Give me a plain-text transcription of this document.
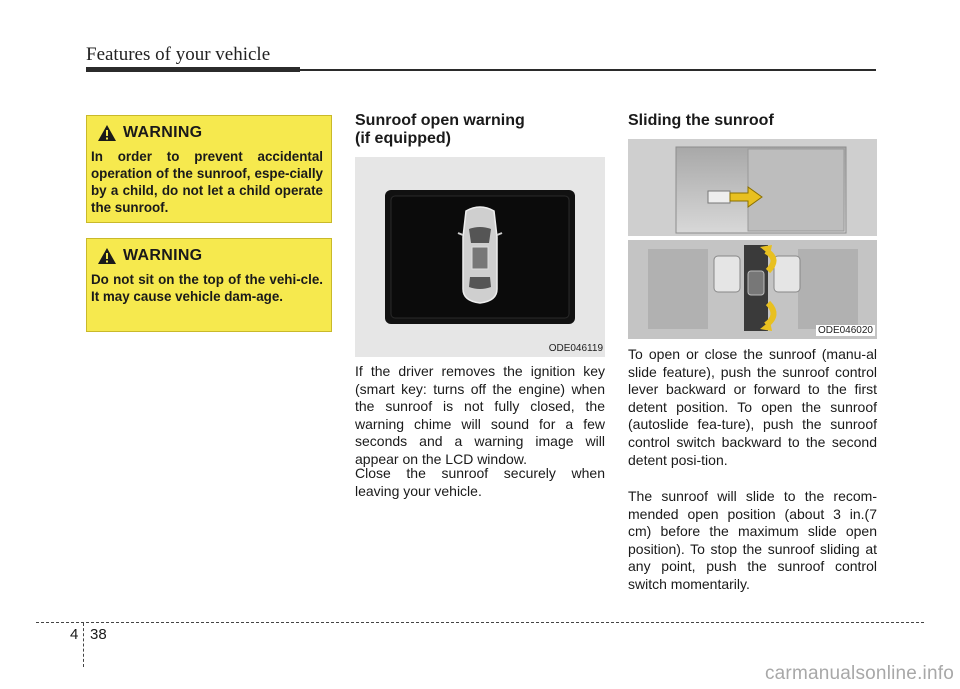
Features of your vehicle
WARNING
In order to prevent accidental operation of the sunroof, espe-cially by a child, do not let a child operate the sunroof.
WARNING
Do not sit on the top of the vehi-cle. It may cause vehicle dam-age.
Sunroof open warning
(if equipped)
ODE046119

If the driver removes the ignition key (smart key: turns off the engine) when the sunroof is not fully closed, the warning chime will sound for a few seconds and a warning image will appear on the LCD window.

Close the sunroof securely when leaving your vehicle.

Sliding the sunroof
ODE046020

To open or close the sunroof (manu-al slide feature), push the sunroof control lever backward or forward to the first detent position. To open the sunroof (autoslide fea-ture), push the sunroof control switch backward to the second detent posi-tion.

The sunroof will slide to the recom-mended open position (about 3 in.(7 cm) before the maximum slide open position). To stop the sunroof sliding at any point, push the sunroof control switch momentarily.

4 38
carmanualsonline.info
